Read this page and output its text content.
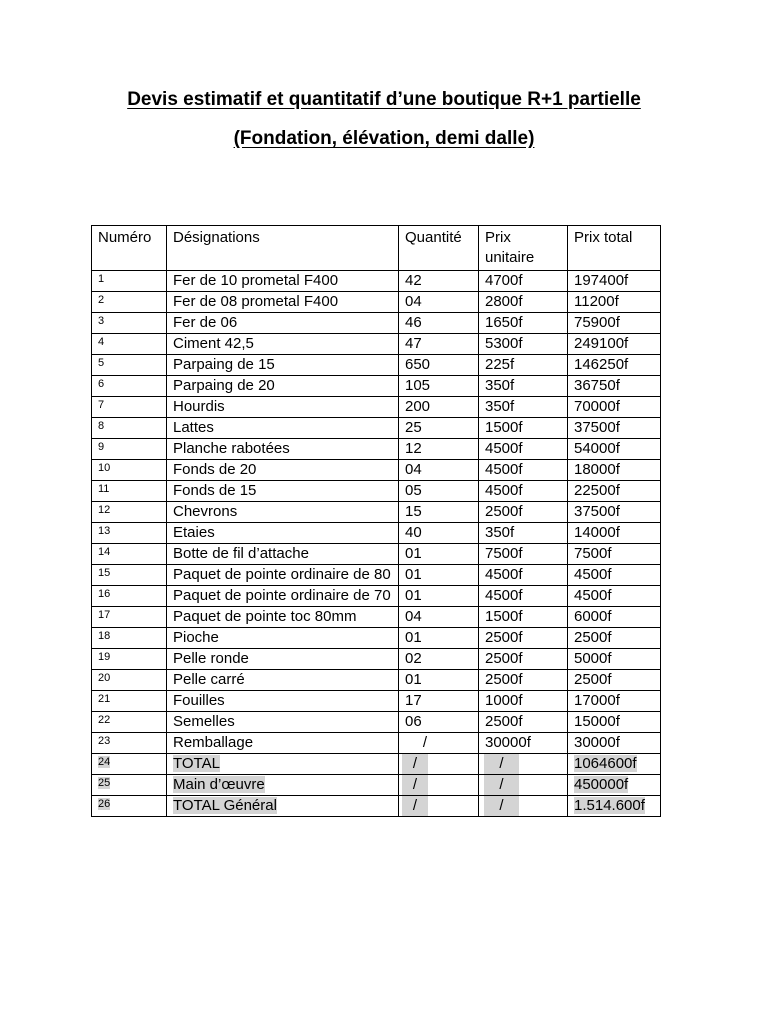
Devis estimatif et quantitatif d’une boutique R+1 partielle
(Fondation, élévation, demi dalle)
Numéro	Désignations	Quantité	Prix unitaire	Prix total
1	Fer de 10 prometal F400	42	4700f	197400f
2	Fer de 08 prometal F400	04	2800f	11200f
3	Fer de 06	46	1650f	75900f
4	Ciment 42,5	47	5300f	249100f
5	Parpaing de 15	650	225f	146250f
6	Parpaing de 20	105	350f	36750f
7	Hourdis	200	350f	70000f
8	Lattes	25	1500f	37500f
9	Planche rabotées	12	4500f	54000f
10	Fonds de 20	04	4500f	18000f
11	Fonds de 15	05	4500f	22500f
12	Chevrons	15	2500f	37500f
13	Etaies	40	350f	14000f
14	Botte de fil d’attache	01	7500f	7500f
15	Paquet de pointe ordinaire de 80	01	4500f	4500f
16	Paquet de pointe ordinaire de 70	01	4500f	4500f
17	Paquet de pointe toc 80mm	04	1500f	6000f
18	Pioche	01	2500f	2500f
19	Pelle ronde	02	2500f	5000f
20	Pelle carré	01	2500f	2500f
21	Fouilles	17	1000f	17000f
22	Semelles	06	2500f	15000f
23	Remballage	/	30000f	30000f
24	TOTAL	/	/	1064600f
25	Main d’œuvre	/	/	450000f
26	TOTAL Général	/	/	1.514.600f
